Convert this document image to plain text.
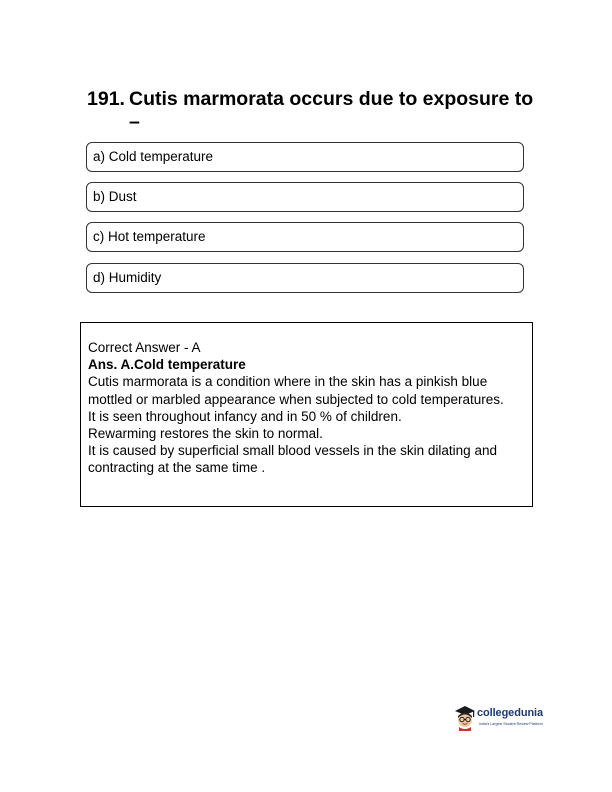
191. Cutis marmorata occurs due to exposure to –
a) Cold temperature
b) Dust
c) Hot temperature
d) Humidity
Correct Answer - A
Ans. A.Cold temperature
Cutis marmorata is a condition where in the skin has a pinkish blue mottled or marbled appearance when subjected to cold temperatures.
It is seen throughout infancy and in 50 % of children.
Rewarming restores the skin to normal.
It is caused by superficial small blood vessels in the skin dilating and contracting at the same time .
collegedunia
India's Largest Student Review Platform
